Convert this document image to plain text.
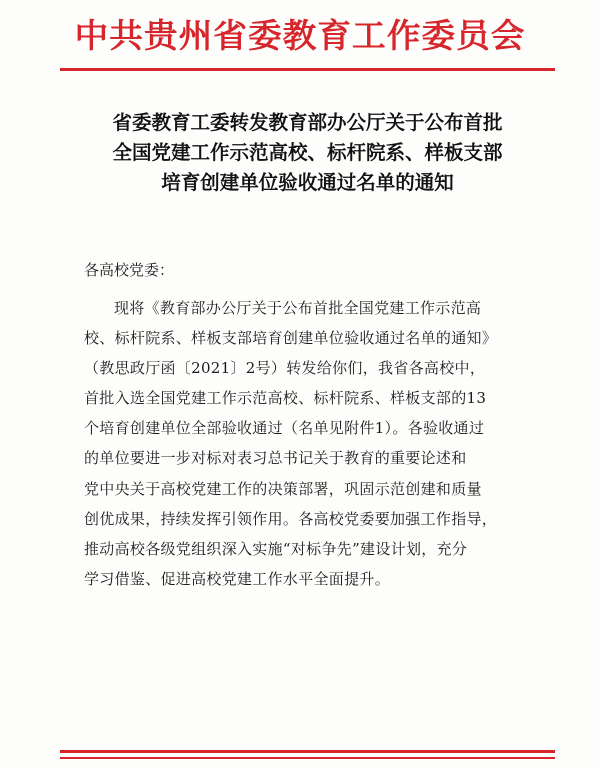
中共贵州省委教育工作委员会
省委教育工委转发教育部办公厅关于公布首批
全国党建工作示范高校、标杆院系、样板支部
培育创建单位验收通过名单的通知
各高校党委：
现将《教育部办公厅关于公布首批全国党建工作示范高
校、标杆院系、样板支部培育创建单位验收通过名单的通知》
（教思政厅函〔2021〕2号）转发给你们，我省各高校中，
首批入选全国党建工作示范高校、标杆院系、样板支部的13
个培育创建单位全部验收通过（名单见附件1）。各验收通过
的单位要进一步对标对表习总书记关于教育的重要论述和
党中央关于高校党建工作的决策部署，巩固示范创建和质量
创优成果，持续发挥引领作用。各高校党委要加强工作指导，
推动高校各级党组织深入实施“对标争先”建设计划，充分
学习借鉴、促进高校党建工作水平全面提升。
